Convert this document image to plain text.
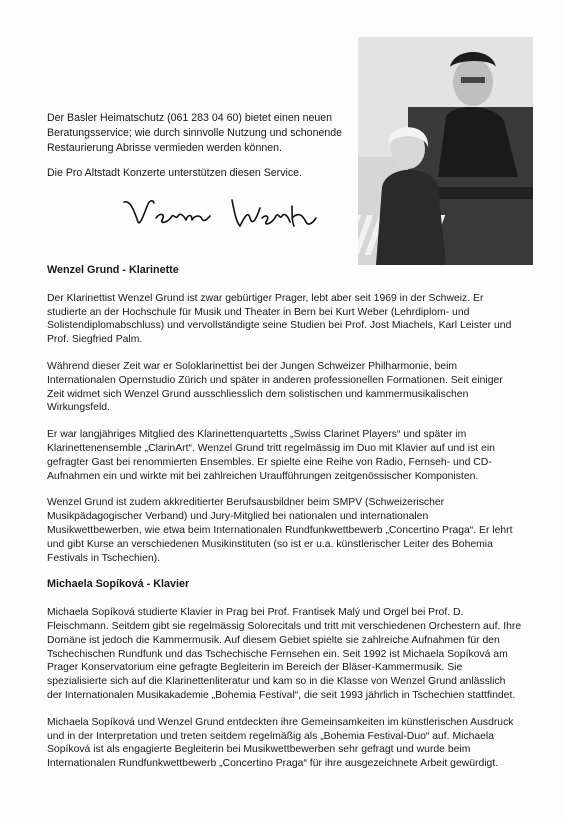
Der Basler Heimatschutz (061 283 04 60) bietet einen neuen Beratungsservice; wie durch sinnvolle Nutzung und schonende Restaurierung Abrisse vermieden werden können.

Die Pro Altstadt Konzerte unterstützen diesen Service.

Wenzel Grund - Klarinette

Der Klarinettist Wenzel Grund ist zwar gebürtiger Prager, lebt aber seit 1969 in der Schweiz. Er studierte an der Hochschule für Musik und Theater in Bern bei Kurt Weber (Lehrdiplom- und Solistendiplomabschluss) und vervollständigte seine Studien bei Prof. Jost Miachels, Karl Leister und Prof. Siegfried Palm.

Während dieser Zeit war er Soloklarinettist bei der Jungen Schweizer Philharmonie, beim Internationalen Opernstudio Zürich und später in anderen professionellen Formationen. Seit einiger Zeit widmet sich Wenzel Grund ausschliesslich dem solistischen und kammermusikalischen Wirkungsfeld.

Er war langjähriges Mitglied des Klarinettenquartetts „Swiss Clarinet Players“ und später im Klarinettenensemble „ClarinArt“. Wenzel Grund tritt regelmässig im Duo mit Klavier auf und ist ein gefragter Gast bei renommierten Ensembles. Er spielte eine Reihe von Radio, Fernseh- und CD-Aufnahmen ein und wirkte mit bei zahlreichen Uraufführungen zeitgenössischer Komponisten.

Wenzel Grund ist zudem akkreditierter Berufsausbildner beim SMPV (Schweizerischer Musikpädagogischer Verband) und Jury-Mitglied bei nationalen und internationalen Musikwettbewerben, wie etwa beim Internationalen Rundfunkwettbewerb „Concertino Praga“. Er lehrt und gibt Kurse an verschiedenen Musikinstituten (so ist er u.a. künstlerischer Leiter des Bohemia Festivals in Tschechien).

Michaela Sopíková - Klavier

Michaela Sopíková studierte Klavier in Prag bei Prof. Frantisek Malý und Orgel bei Prof. D. Fleischmann. Seitdem gibt sie regelmässig Solorecitals und tritt mit verschiedenen Orchestern auf. Ihre Domäne ist jedoch die Kammermusik. Auf diesem Gebiet spielte sie zahlreiche Aufnahmen für den Tschechischen Rundfunk und das Tschechische Fernsehen ein. Seit 1992 ist Michaela Sopíková am Prager Konservatorium eine gefragte Begleiterin im Bereich der Bläser-Kammermusik. Sie spezialisierte sich auf die Klarinettenliteratur und kam so in die Klasse von Wenzel Grund anlässlich der Internationalen Musikakademie „Bohemia Festival“, die seit 1993 jährlich in Tschechien stattfindet.

Michaela Sopíková und Wenzel Grund entdeckten ihre Gemeinsamkeiten im künstlerischen Ausdruck und in der Interpretation und treten seitdem regelmäßig als „Bohemia Festival-Duo“ auf. Michaela Sopíková ist als engagierte Begleiterin bei Musikwettbewerben sehr gefragt und wurde beim Internationalen Rundfunkwettbewerb „Concertino Praga“ für ihre ausgezeichnete Arbeit gewürdigt.
